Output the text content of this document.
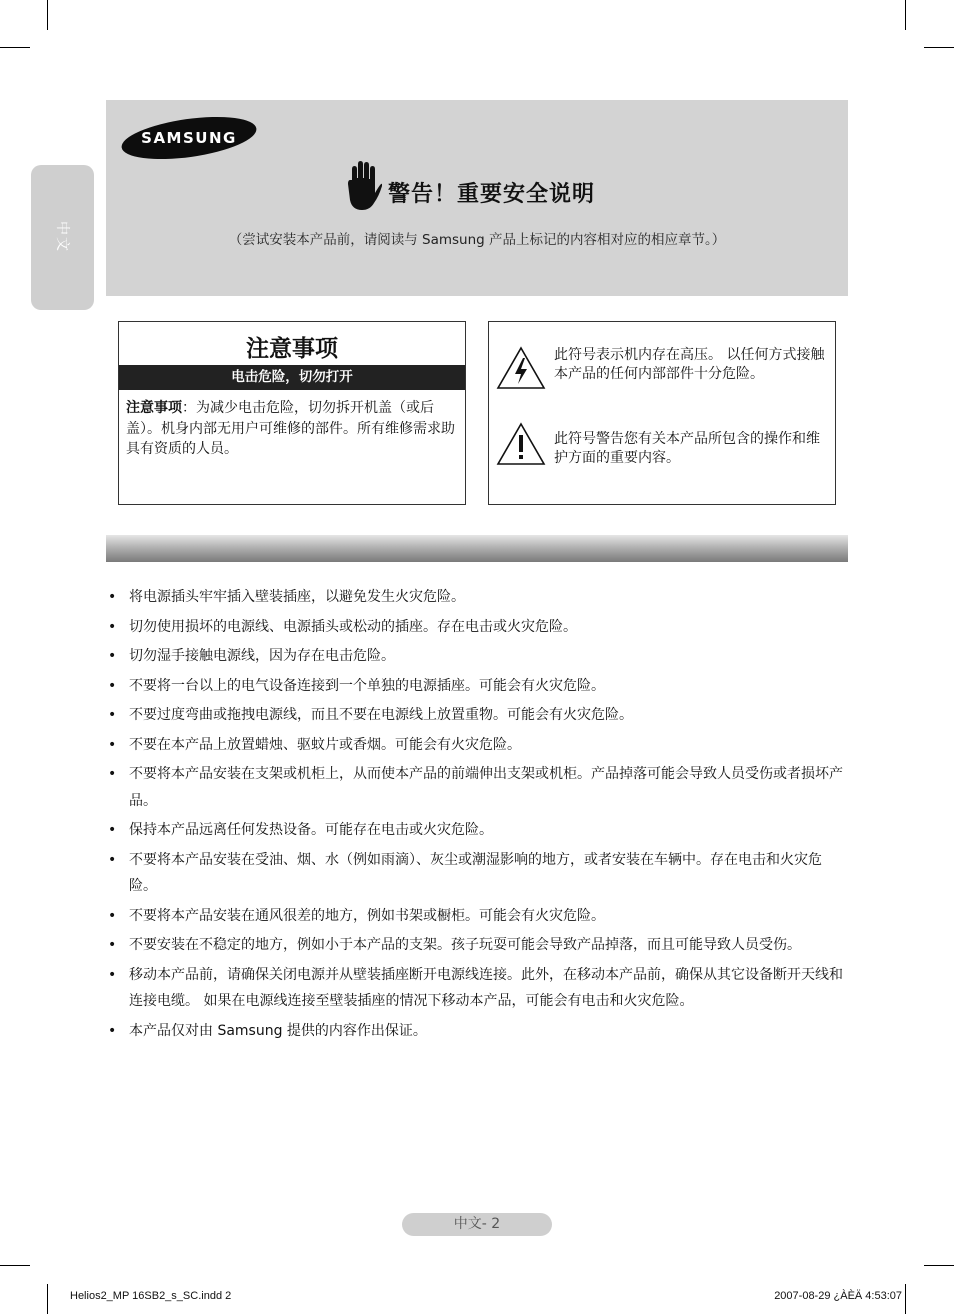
中文
SAMSUNG
警告！重要安全说明
（尝试安装本产品前，请阅读与 Samsung 产品上标记的内容相对应的相应章节。）
注意事项
电击危险，切勿打开
注意事项：为减少电击危险，切勿拆开机盖（或后盖）。机身内部无用户可维修的部件。所有维修需求助具有资质的人员。
此符号表示机内存在高压。 以任何方式接触本产品的任何内部部件十分危险。
此符号警告您有关本产品所包含的操作和维护方面的重要内容。
• 将电源插头牢牢插入壁装插座，以避免发生火灾危险。
• 切勿使用损坏的电源线、电源插头或松动的插座。存在电击或火灾危险。
• 切勿湿手接触电源线，因为存在电击危险。
• 不要将一台以上的电气设备连接到一个单独的电源插座。可能会有火灾危险。
• 不要过度弯曲或拖拽电源线，而且不要在电源线上放置重物。可能会有火灾危险。
• 不要在本产品上放置蜡烛、驱蚊片或香烟。可能会有火灾危险。
• 不要将本产品安装在支架或机柜上，从而使本产品的前端伸出支架或机柜。产品掉落可能会导致人员受伤或者损坏产品。
• 保持本产品远离任何发热设备。可能存在电击或火灾危险。
• 不要将本产品安装在受油、烟、水（例如雨滴）、灰尘或潮湿影响的地方，或者安装在车辆中。存在电击和火灾危险。
• 不要将本产品安装在通风很差的地方，例如书架或橱柜。可能会有火灾危险。
• 不要安装在不稳定的地方，例如小于本产品的支架。孩子玩耍可能会导致产品掉落，而且可能导致人员受伤。
• 移动本产品前，请确保关闭电源并从壁装插座断开电源线连接。此外，在移动本产品前，确保从其它设备断开天线和连接电缆。 如果在电源线连接至壁装插座的情况下移动本产品，可能会有电击和火灾危险。
• 本产品仅对由 Samsung 提供的内容作出保证。
中文- 2
Helios2_MP 16SB2_s_SC.indd 2	2007-08-29 ¿ÀÈÄ 4:53:07
